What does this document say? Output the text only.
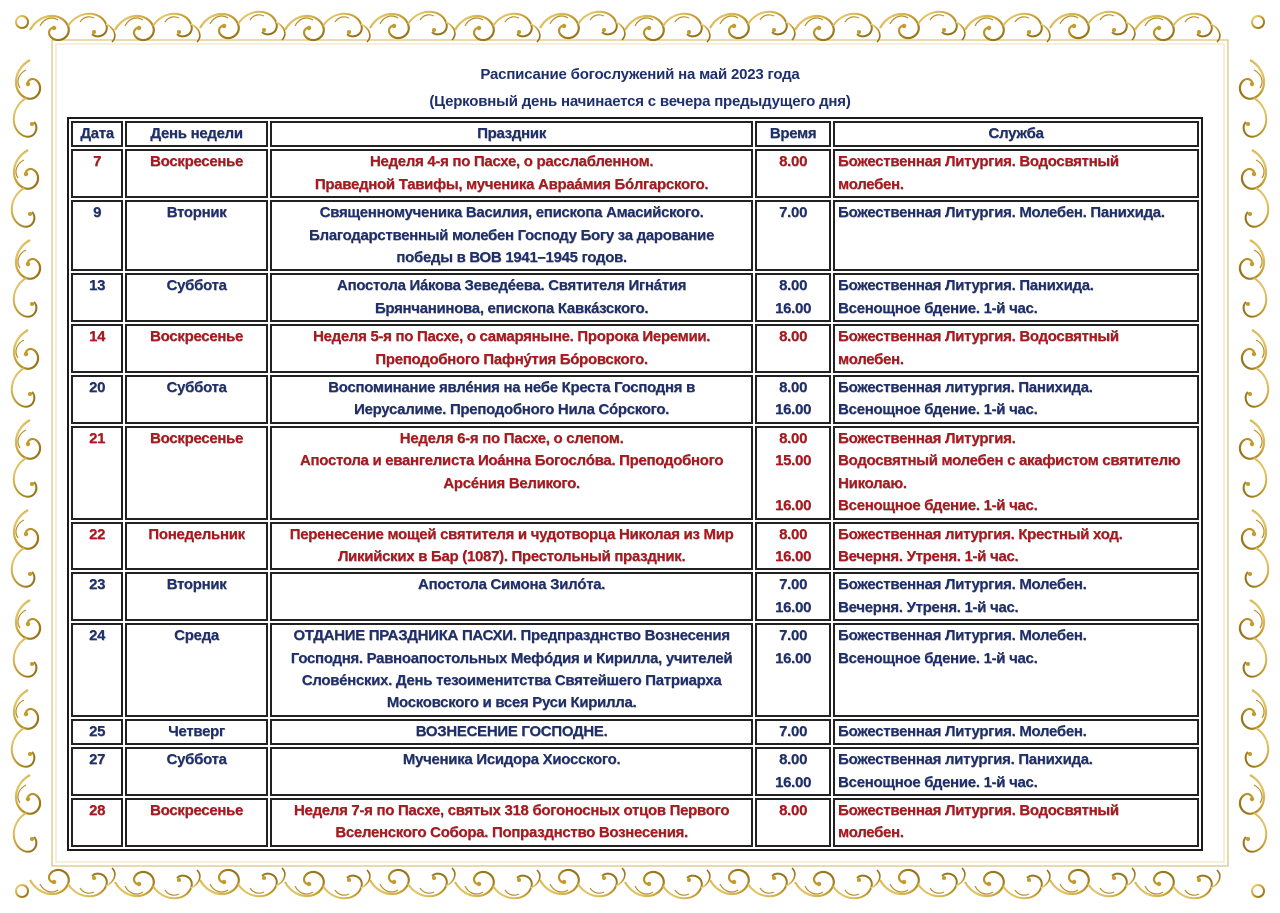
Расписание богослужений на май 2023 года
(Церковный день начинается с вечера предыдущего дня)
Дата	День недели	Праздник	Время	Служба

7	Воскресенье	Неделя 4-я по Пасхе, о расслабленном.
Праведной Тавифы, мученика Авраáмия Бóлгарского.	8.00	Божественная Литургия. Водосвятный
молебен.

9	Вторник	Священномученика Василия, епископа Амасийского.
Благодарственный молебен Господу Богу за дарование
победы в ВОВ 1941–1945 годов.	7.00	Божественная Литургия. Молебен. Панихида.

13	Суббота	Апостола Иáкова Зеведéева. Святителя Игнáтия
Брянчанинова, епископа Кавкáзского.	8.00
16.00	Божественная Литургия. Панихида.
Всенощное бдение. 1-й час.

14	Воскресенье	Неделя 5-я по Пасхе, о самаряныне. Пророка Иеремии.
Преподобного Пафнýтия Бóровского.	8.00	Божественная Литургия. Водосвятный
молебен.

20	Суббота	Воспоминание явлéния на небе Креста Господня в
Иерусалиме. Преподобного Нила Сóрского.	8.00
16.00	Божественная литургия. Панихида.
Всенощное бдение. 1-й час.

21	Воскресенье	Неделя 6-я по Пасхе, о слепом.
Апостола и евангелиста Иоáнна Богослóва. Преподобного
Арсéния Великого.	8.00
15.00
16.00	Божественная Литургия.
Водосвятный молебен с акафистом святителю
Николаю.
Всенощное бдение. 1-й час.

22	Понедельник	Перенесение мощей святителя и чудотворца Николая из Мир
Ликийских в Бар (1087). Престольный праздник.	8.00
16.00	Божественная литургия. Крестный ход.
Вечерня. Утреня. 1-й час.

23	Вторник	Апостола Симона Зилóта.	7.00
16.00	Божественная Литургия. Молебен.
Вечерня. Утреня. 1-й час.

24	Среда	ОТДАНИЕ ПРАЗДНИКА ПАСХИ. Предпразднство Вознесения
Господня. Равноапостольных Мефóдия и Кирилла, учителей
Словéнских. День тезоименитства Святейшего Патриарха
Московского и всея Руси Кирилла.	7.00
16.00	Божественная Литургия. Молебен.
Всенощное бдение. 1-й час.

25	Четверг	ВОЗНЕСЕНИЕ ГОСПОДНЕ.	7.00	Божественная Литургия. Молебен.

27	Суббота	Мученика Исидора Хиосского.	8.00
16.00	Божественная литургия. Панихида.
Всенощное бдение. 1-й час.

28	Воскресенье	Неделя 7-я по Пасхе, святых 318 богоносных отцов Первого
Вселенского Собора. Попразднство Вознесения.	8.00	Божественная Литургия. Водосвятный
молебен.
